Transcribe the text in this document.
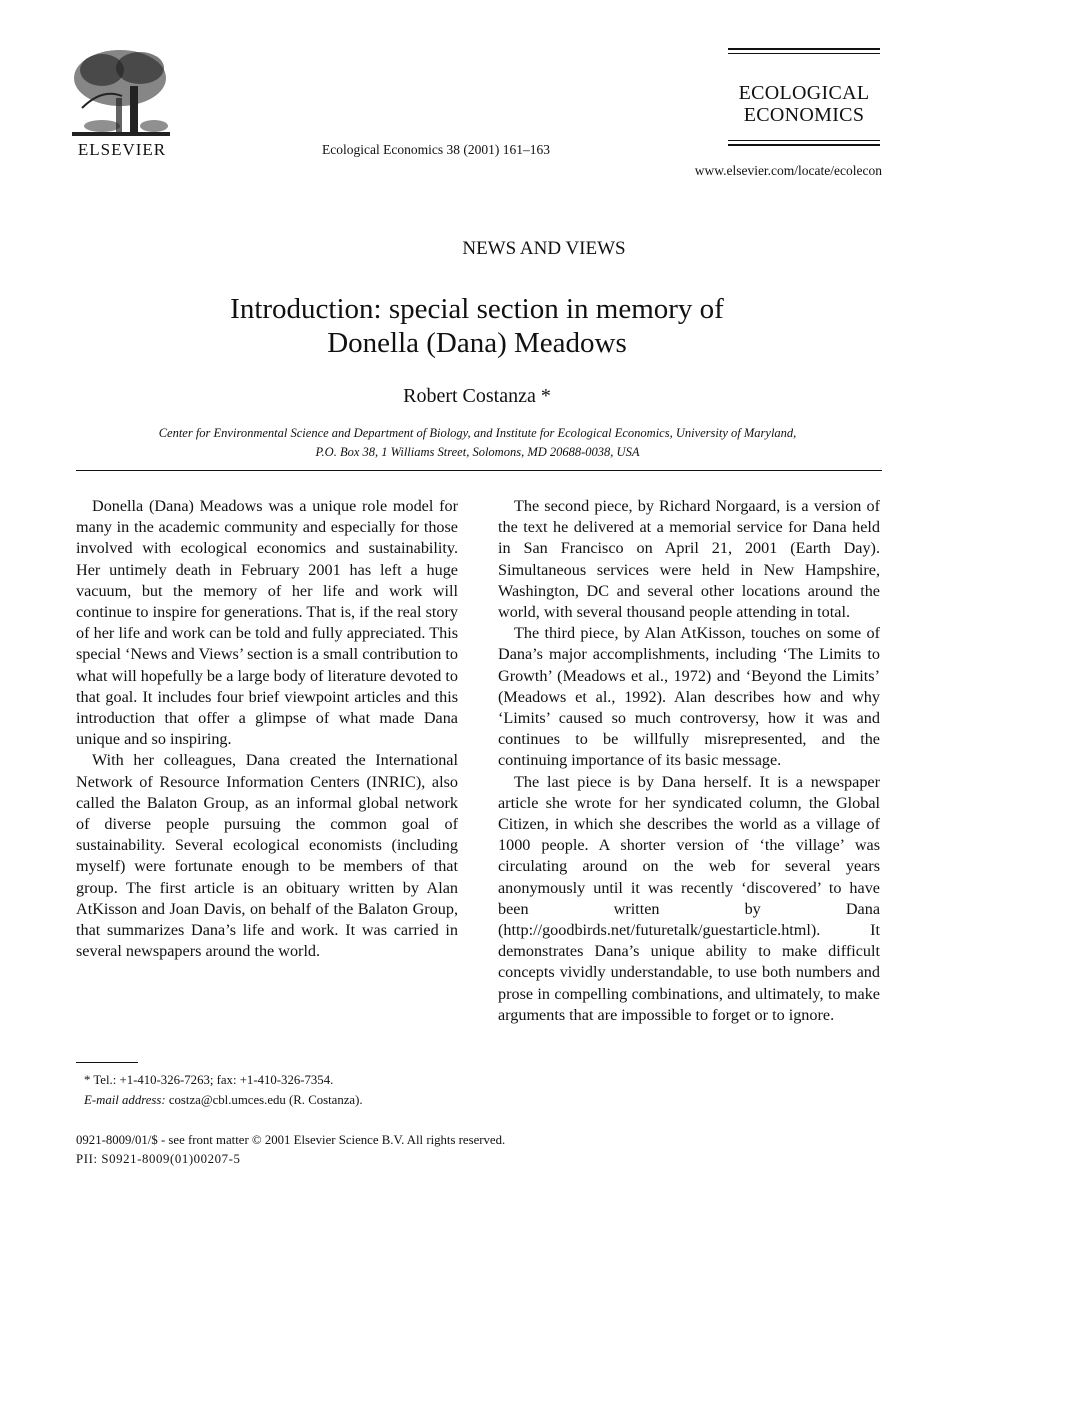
ELSEVIER	Ecological Economics 38 (2001) 161–163
ECOLOGICAL
ECONOMICS
www.elsevier.com/locate/ecolecon
NEWS AND VIEWS
Introduction: special section in memory of
Donella (Dana) Meadows
Robert Costanza *
Center for Environmental Science and Department of Biology, and Institute for Ecological Economics, University of Maryland,
P.O. Box 38, 1 Williams Street, Solomons, MD 20688-0038, USA

Donella (Dana) Meadows was a unique role model for many in the academic community and especially for those involved with ecological economics and sustainability. Her untimely death in February 2001 has left a huge vacuum, but the memory of her life and work will continue to inspire for generations. That is, if the real story of her life and work can be told and fully appreciated. This special ‘News and Views’ section is a small contribution to what will hopefully be a large body of literature devoted to that goal. It includes four brief viewpoint articles and this introduction that offer a glimpse of what made Dana unique and so inspiring.

With her colleagues, Dana created the International Network of Resource Information Centers (INRIC), also called the Balaton Group, as an informal global network of diverse people pursuing the common goal of sustainability. Several ecological economists (including myself) were fortunate enough to be members of that group. The first article is an obituary written by Alan AtKisson and Joan Davis, on behalf of the Balaton Group, that summarizes Dana’s life and work. It was carried in several newspapers around the world.

The second piece, by Richard Norgaard, is a version of the text he delivered at a memorial service for Dana held in San Francisco on April 21, 2001 (Earth Day). Simultaneous services were held in New Hampshire, Washington, DC and several other locations around the world, with several thousand people attending in total.

The third piece, by Alan AtKisson, touches on some of Dana’s major accomplishments, including ‘The Limits to Growth’ (Meadows et al., 1972) and ‘Beyond the Limits’ (Meadows et al., 1992). Alan describes how and why ‘Limits’ caused so much controversy, how it was and continues to be willfully misrepresented, and the continuing importance of its basic message.

The last piece is by Dana herself. It is a newspaper article she wrote for her syndicated column, the Global Citizen, in which she describes the world as a village of 1000 people. A shorter version of ‘the village’ was circulating around on the web for several years anonymously until it was recently ‘discovered’ to have been written by Dana (http://goodbirds.net/futuretalk/guestarticle.html). It demonstrates Dana’s unique ability to make difficult concepts vividly understandable, to use both numbers and prose in compelling combinations, and ultimately, to make arguments that are impossible to forget or to ignore.

* Tel.: +1-410-326-7263; fax: +1-410-326-7354.
E-mail address: costza@cbl.umces.edu (R. Costanza).
0921-8009/01/$ - see front matter © 2001 Elsevier Science B.V. All rights reserved.
PII: S0921-8009(01)00207-5
